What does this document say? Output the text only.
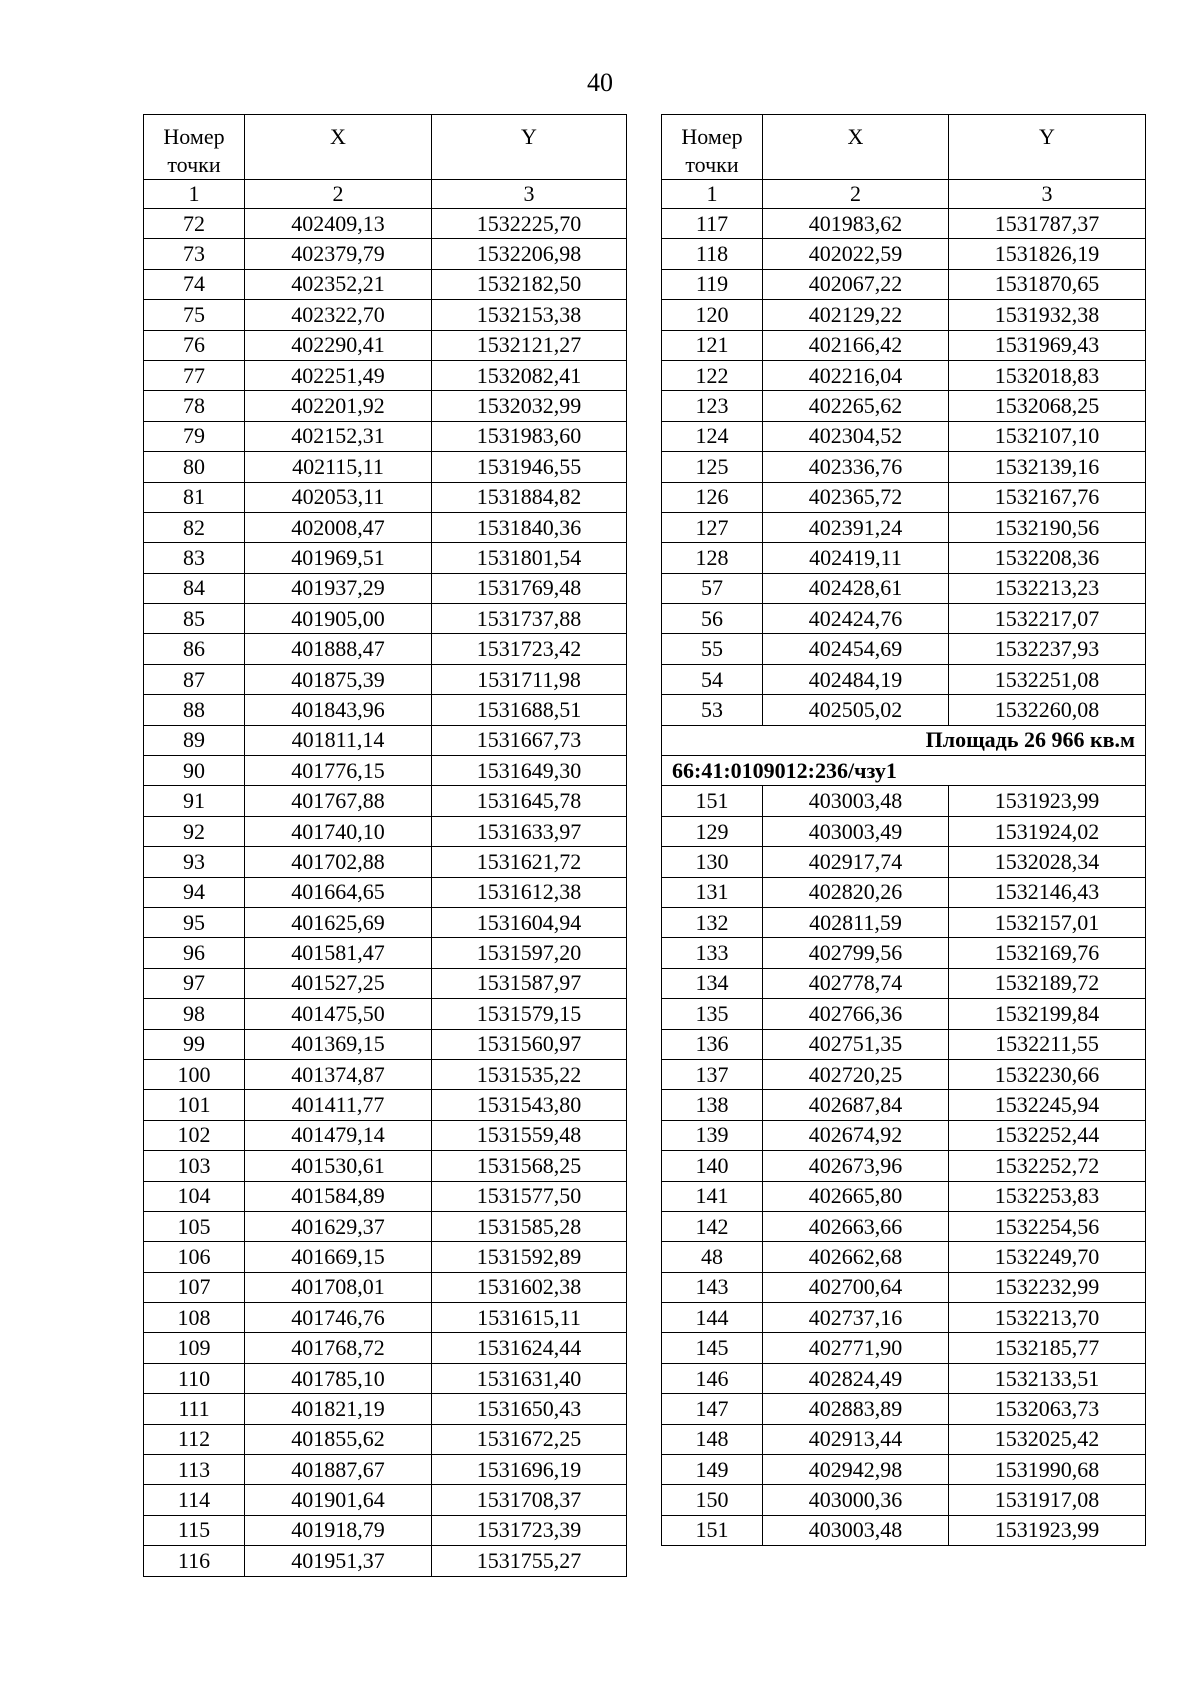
40
Номер точки	X	Y
1	2	3
72	402409,13	1532225,70
73	402379,79	1532206,98
74	402352,21	1532182,50
75	402322,70	1532153,38
76	402290,41	1532121,27
77	402251,49	1532082,41
78	402201,92	1532032,99
79	402152,31	1531983,60
80	402115,11	1531946,55
81	402053,11	1531884,82
82	402008,47	1531840,36
83	401969,51	1531801,54
84	401937,29	1531769,48
85	401905,00	1531737,88
86	401888,47	1531723,42
87	401875,39	1531711,98
88	401843,96	1531688,51
89	401811,14	1531667,73
90	401776,15	1531649,30
91	401767,88	1531645,78
92	401740,10	1531633,97
93	401702,88	1531621,72
94	401664,65	1531612,38
95	401625,69	1531604,94
96	401581,47	1531597,20
97	401527,25	1531587,97
98	401475,50	1531579,15
99	401369,15	1531560,97
100	401374,87	1531535,22
101	401411,77	1531543,80
102	401479,14	1531559,48
103	401530,61	1531568,25
104	401584,89	1531577,50
105	401629,37	1531585,28
106	401669,15	1531592,89
107	401708,01	1531602,38
108	401746,76	1531615,11
109	401768,72	1531624,44
110	401785,10	1531631,40
111	401821,19	1531650,43
112	401855,62	1531672,25
113	401887,67	1531696,19
114	401901,64	1531708,37
115	401918,79	1531723,39
116	401951,37	1531755,27
Номер точки	X	Y
1	2	3
117	401983,62	1531787,37
118	402022,59	1531826,19
119	402067,22	1531870,65
120	402129,22	1531932,38
121	402166,42	1531969,43
122	402216,04	1532018,83
123	402265,62	1532068,25
124	402304,52	1532107,10
125	402336,76	1532139,16
126	402365,72	1532167,76
127	402391,24	1532190,56
128	402419,11	1532208,36
57	402428,61	1532213,23
56	402424,76	1532217,07
55	402454,69	1532237,93
54	402484,19	1532251,08
53	402505,02	1532260,08
Площадь 26 966 кв.м		
66:41:0109012:236/чзу1		
151	403003,48	1531923,99
129	403003,49	1531924,02
130	402917,74	1532028,34
131	402820,26	1532146,43
132	402811,59	1532157,01
133	402799,56	1532169,76
134	402778,74	1532189,72
135	402766,36	1532199,84
136	402751,35	1532211,55
137	402720,25	1532230,66
138	402687,84	1532245,94
139	402674,92	1532252,44
140	402673,96	1532252,72
141	402665,80	1532253,83
142	402663,66	1532254,56
48	402662,68	1532249,70
143	402700,64	1532232,99
144	402737,16	1532213,70
145	402771,90	1532185,77
146	402824,49	1532133,51
147	402883,89	1532063,73
148	402913,44	1532025,42
149	402942,98	1531990,68
150	403000,36	1531917,08
151	403003,48	1531923,99
